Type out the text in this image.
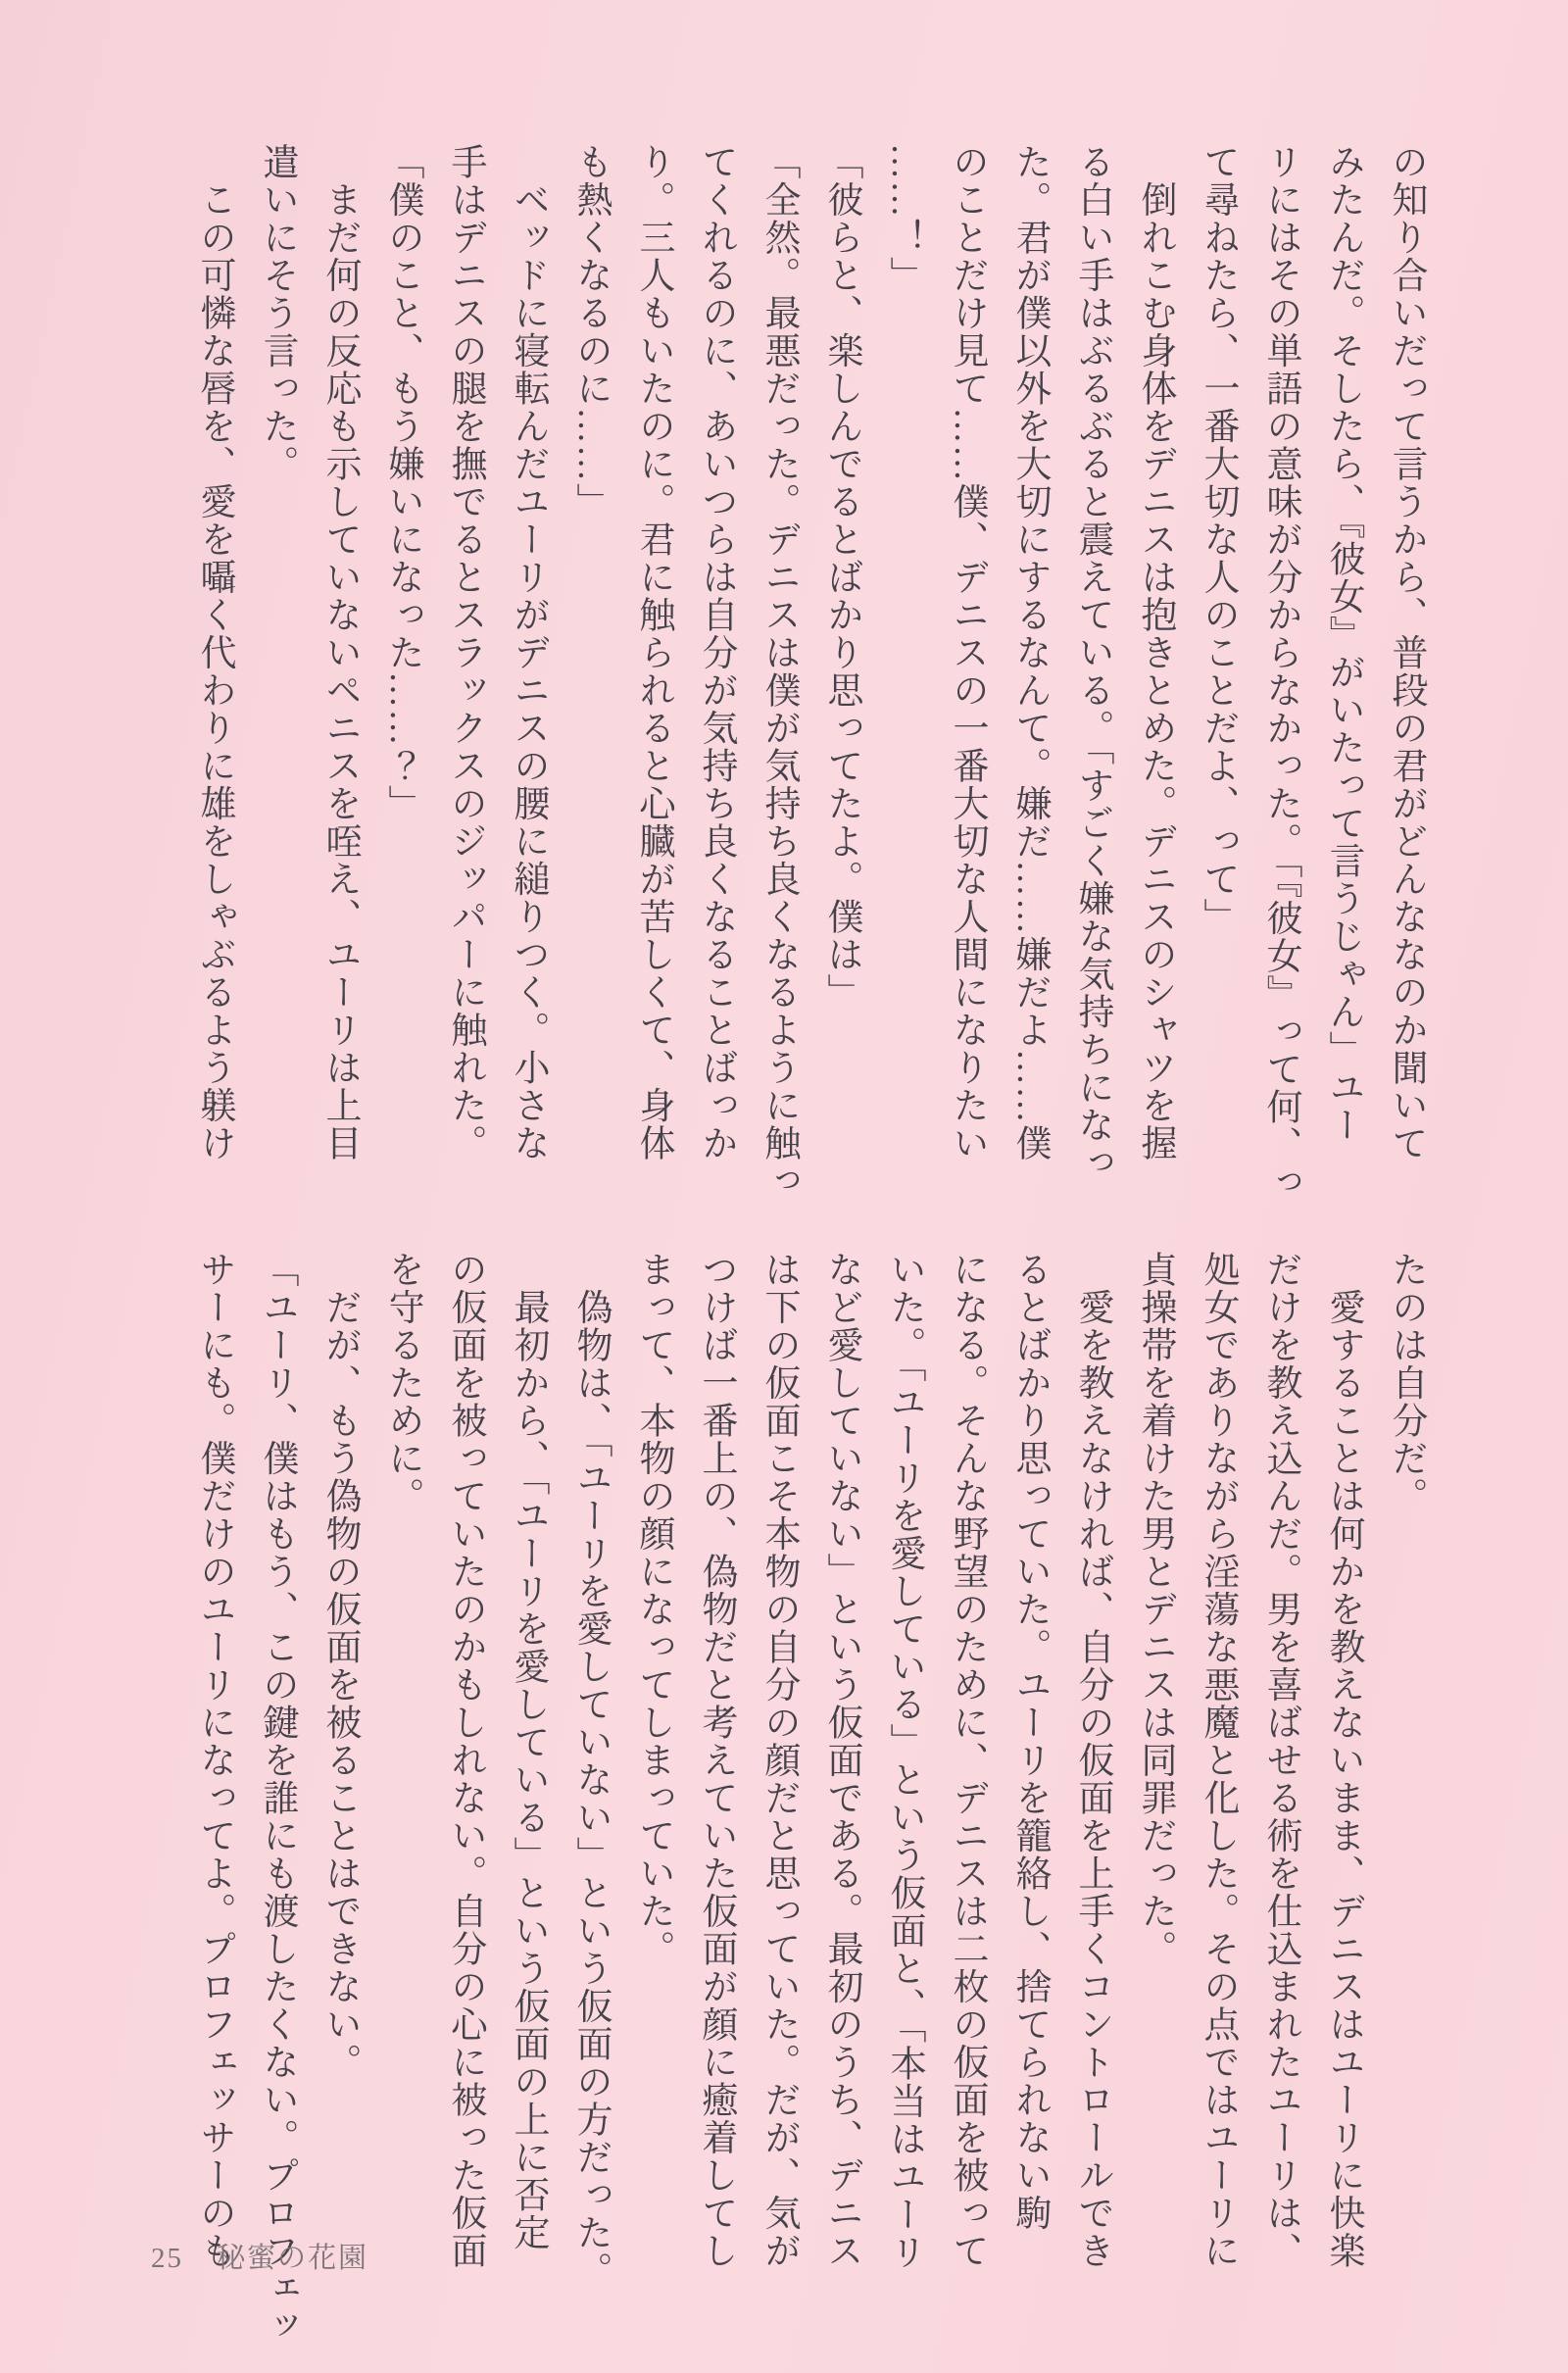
の知り合いだって言うから、普段の君がどんななのか聞いて

みたんだ。そしたら、『彼女』がいたって言うじゃん」ユー

リにはその単語の意味が分からなかった。「『彼女』って何、っ

て尋ねたら、一番大切な人のことだよ、って」

　倒れこむ身体をデニスは抱きとめた。デニスのシャツを握

る白い手はぶるぶると震えている。「すごく嫌な気持ちになっ

た。君が僕以外を大切にするなんて。嫌だ……嫌だよ……僕

のことだけ見て……僕、デニスの一番大切な人間になりたい

……！」

「彼らと、楽しんでるとばかり思ってたよ。僕は」

「全然。最悪だった。デニスは僕が気持ち良くなるように触っ

てくれるのに、あいつらは自分が気持ち良くなることばっか

り。三人もいたのに。君に触られると心臓が苦しくて、身体

も熱くなるのに……」

　ベッドに寝転んだユーリがデニスの腰に縋りつく。小さな

手はデニスの腿を撫でるとスラックスのジッパーに触れた。

「僕のこと、もう嫌いになった……？」

　まだ何の反応も示していないペニスを咥え、ユーリは上目

遣いにそう言った。

　この可憐な唇を、愛を囁く代わりに雄をしゃぶるよう躾け

たのは自分だ。

　愛することは何かを教えないまま、デニスはユーリに快楽

だけを教え込んだ。男を喜ばせる術を仕込まれたユーリは、

処女でありながら淫蕩な悪魔と化した。その点ではユーリに

貞操帯を着けた男とデニスは同罪だった。

　愛を教えなければ、自分の仮面を上手くコントロールでき

るとばかり思っていた。ユーリを籠絡し、捨てられない駒

になる。そんな野望のために、デニスは二枚の仮面を被って

いた。「ユーリを愛している」という仮面と、「本当はユーリ

など愛していない」という仮面である。最初のうち、デニス

は下の仮面こそ本物の自分の顔だと思っていた。だが、気が

つけば一番上の、偽物だと考えていた仮面が顔に癒着してし

まって、本物の顔になってしまっていた。

　偽物は、「ユーリを愛していない」という仮面の方だった。

　最初から、「ユーリを愛している」という仮面の上に否定

の仮面を被っていたのかもしれない。自分の心に被った仮面

を守るために。

　だが、もう偽物の仮面を被ることはできない。

「ユーリ、僕はもう、この鍵を誰にも渡したくない。プロフェッ

サーにも。僕だけのユーリになってよ。プロフェッサーのも

25 秘蜜の花園
